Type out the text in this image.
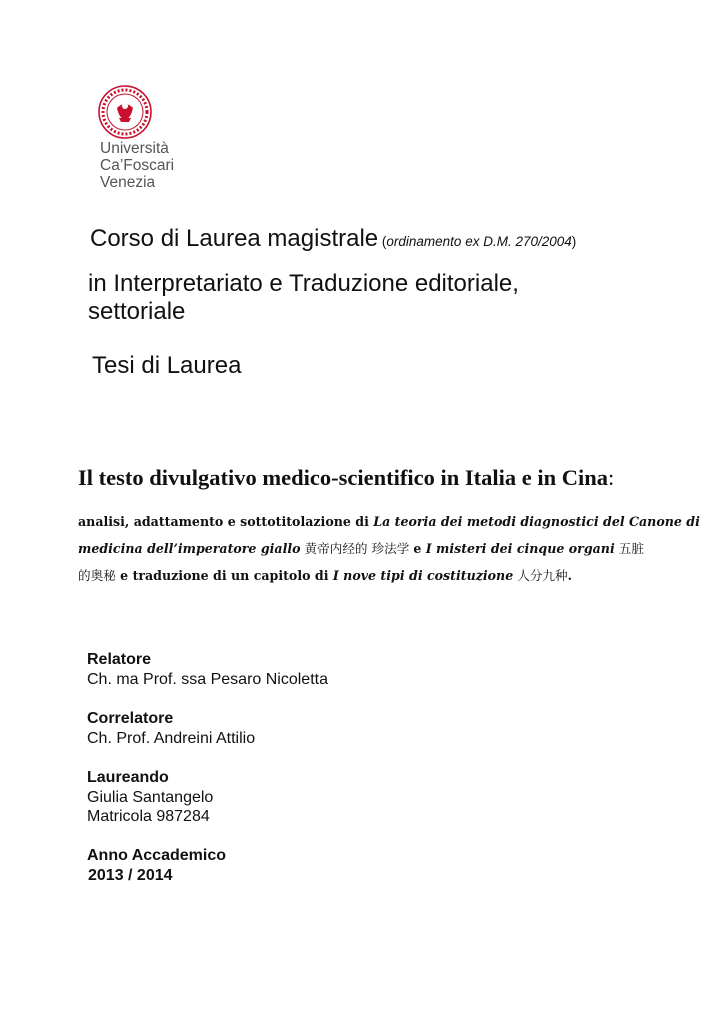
Università
Ca’Foscari
Venezia
Corso di Laurea magistrale (ordinamento ex D.M. 270/2004)
in Interpretariato e Traduzione editoriale,
settoriale
Tesi di Laurea
Il testo divulgativo medico-scientifico in Italia e in Cina:
analisi, adattamento e sottotitolazione di La teoria dei metodi diagnostici del Canone di
medicina dell’imperatore giallo 黄帝内经的 珍法学 e I misteri dei cinque organi 五脏
的奥秘 e traduzione di un capitolo di I nove tipi di costituzione 人分九种.
Relatore
Ch. ma Prof. ssa Pesaro Nicoletta
Correlatore
Ch. Prof. Andreini Attilio
Laureando
Giulia Santangelo
Matricola 987284
Anno Accademico
2013 / 2014
